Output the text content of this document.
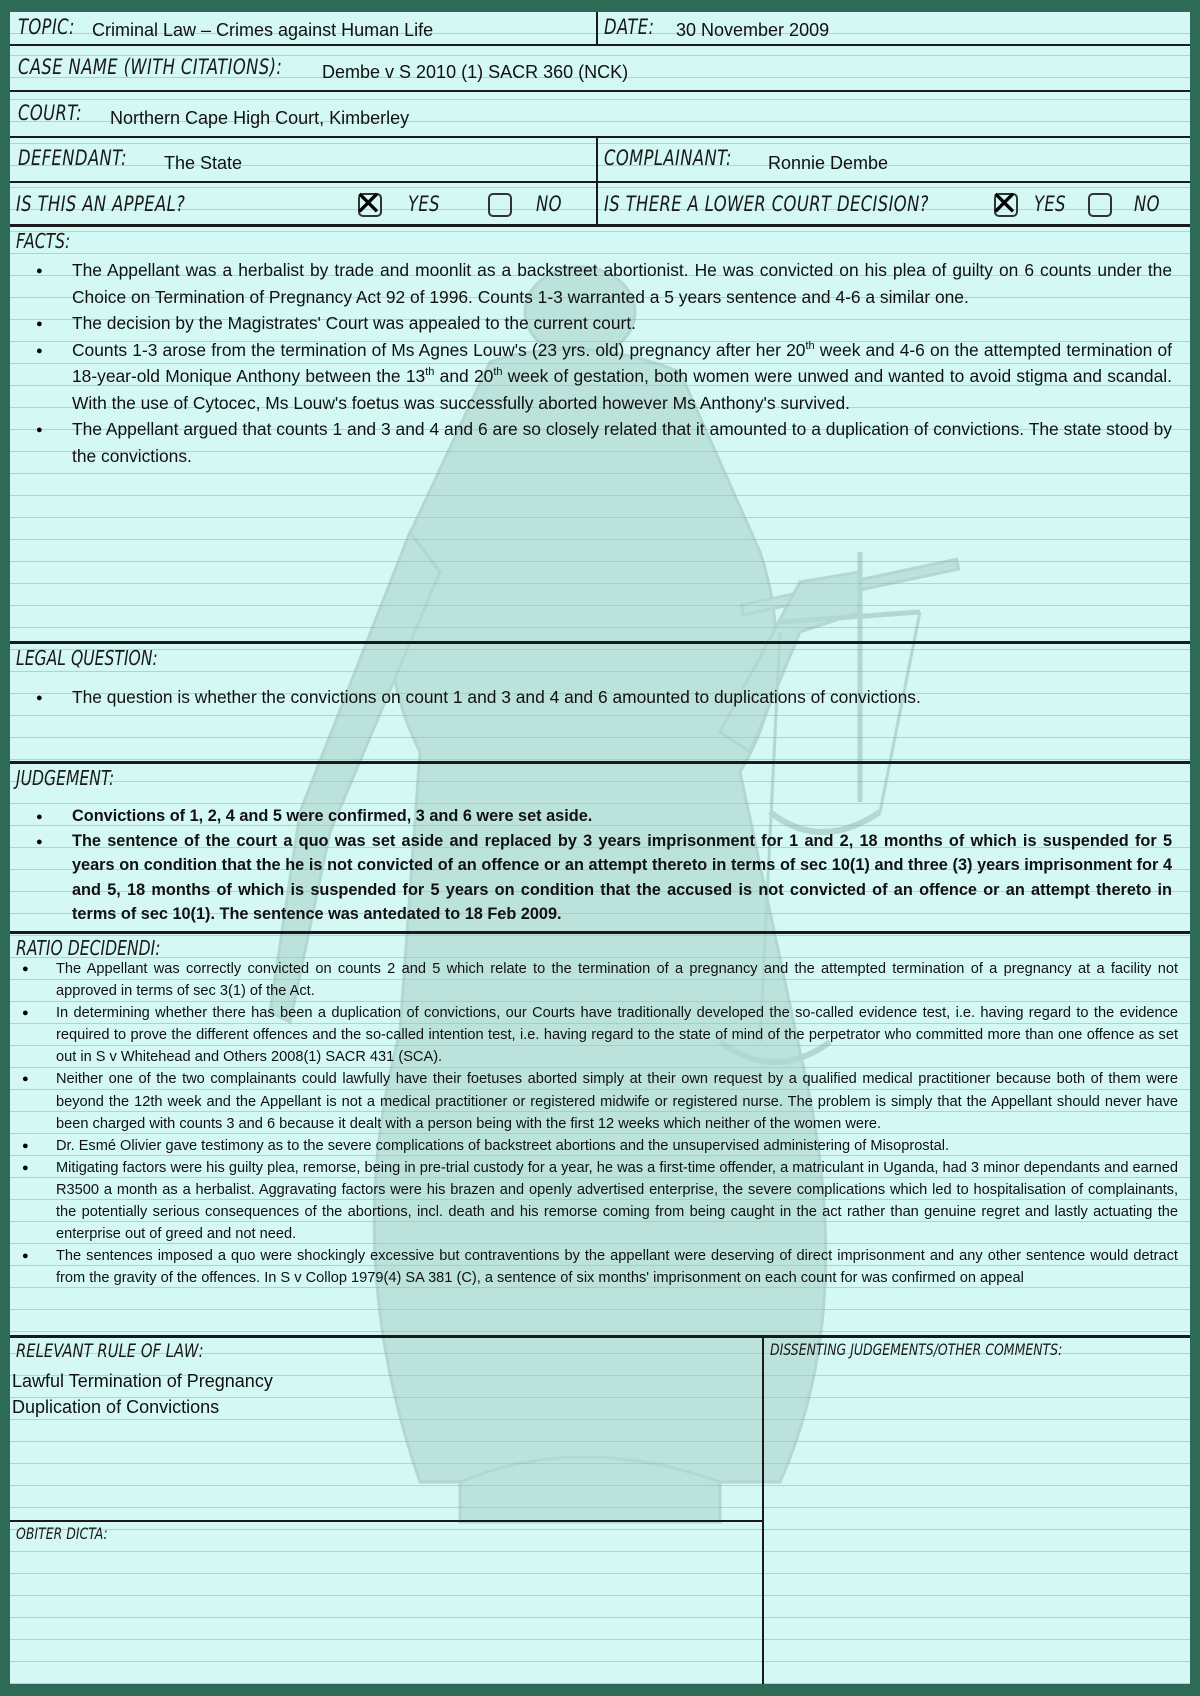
TOPIC: Criminal Law – Crimes against Human Life	DATE: 30 November 2009
CASE NAME (WITH CITATIONS): Dembe v S 2010 (1) SACR 360 (NCK)
COURT: Northern Cape High Court, Kimberley
DEFENDANT: The State	COMPLAINANT: Ronnie Dembe
IS THIS AN APPEAL?	✕ YES	NO IS THERE A LOWER COURT DECISION? ✕ YES	NO
FACTS:
● The Appellant was a herbalist by trade and moonlit as a backstreet abortionist. He was convicted on his plea of guilty on 6 counts under the Choice on Termination of Pregnancy Act 92 of 1996. Counts 1-3 warranted a 5 years sentence and 4-6 a similar one.
● The decision by the Magistrates' Court was appealed to the current court.
● Counts 1-3 arose from the termination of Ms Agnes Louw's (23 yrs. old) pregnancy after her 20th week and 4-6 on the attempted termination of 18-year-old Monique Anthony between the 13th and 20th week of gestation, both women were unwed and wanted to avoid stigma and scandal. With the use of Cytocec, Ms Louw's foetus was successfully aborted however Ms Anthony's survived.
● The Appellant argued that counts 1 and 3 and 4 and 6 are so closely related that it amounted to a duplication of convictions. The state stood by the convictions.
LEGAL QUESTION:
● The question is whether the convictions on count 1 and 3 and 4 and 6 amounted to duplications of convictions.
JUDGEMENT:
● Convictions of 1, 2, 4 and 5 were confirmed, 3 and 6 were set aside.
● The sentence of the court a quo was set aside and replaced by 3 years imprisonment for 1 and 2, 18 months of which is suspended for 5 years on condition that the he is not convicted of an offence or an attempt thereto in terms of sec 10(1) and three (3) years imprisonment for 4 and 5, 18 months of which is suspended for 5 years on condition that the accused is not convicted of an offence or an attempt thereto in terms of sec 10(1). The sentence was antedated to 18 Feb 2009.
RATIO DECIDENDI:
● The Appellant was correctly convicted on counts 2 and 5 which relate to the termination of a pregnancy and the attempted termination of a pregnancy at a facility not approved in terms of sec 3(1) of the Act.
● In determining whether there has been a duplication of convictions, our Courts have traditionally developed the so-called evidence test, i.e. having regard to the evidence required to prove the different offences and the so-called intention test, i.e. having regard to the state of mind of the perpetrator who committed more than one offence as set out in S v Whitehead and Others 2008(1) SACR 431 (SCA).
● Neither one of the two complainants could lawfully have their foetuses aborted simply at their own request by a qualified medical practitioner because both of them were beyond the 12th week and the Appellant is not a medical practitioner or registered midwife or registered nurse. The problem is simply that the Appellant should never have been charged with counts 3 and 6 because it dealt with a person being with the first 12 weeks which neither of the women were.
● Dr. Esmé Olivier gave testimony as to the severe complications of backstreet abortions and the unsupervised administering of Misoprostal.
● Mitigating factors were his guilty plea, remorse, being in pre-trial custody for a year, he was a first-time offender, a matriculant in Uganda, had 3 minor dependants and earned R3500 a month as a herbalist. Aggravating factors were his brazen and openly advertised enterprise, the severe complications which led to hospitalisation of complainants, the potentially serious consequences of the abortions, incl. death and his remorse coming from being caught in the act rather than genuine regret and lastly actuating the enterprise out of greed and not need.
● The sentences imposed a quo were shockingly excessive but contraventions by the appellant were deserving of direct imprisonment and any other sentence would detract from the gravity of the offences. In S v Collop 1979(4) SA 381 (C), a sentence of six months' imprisonment on each count for was confirmed on appeal
RELEVANT RULE OF LAW:
Lawful Termination of Pregnancy
Duplication of Convictions
OBITER DICTA:
DISSENTING JUDGEMENTS/OTHER COMMENTS:
